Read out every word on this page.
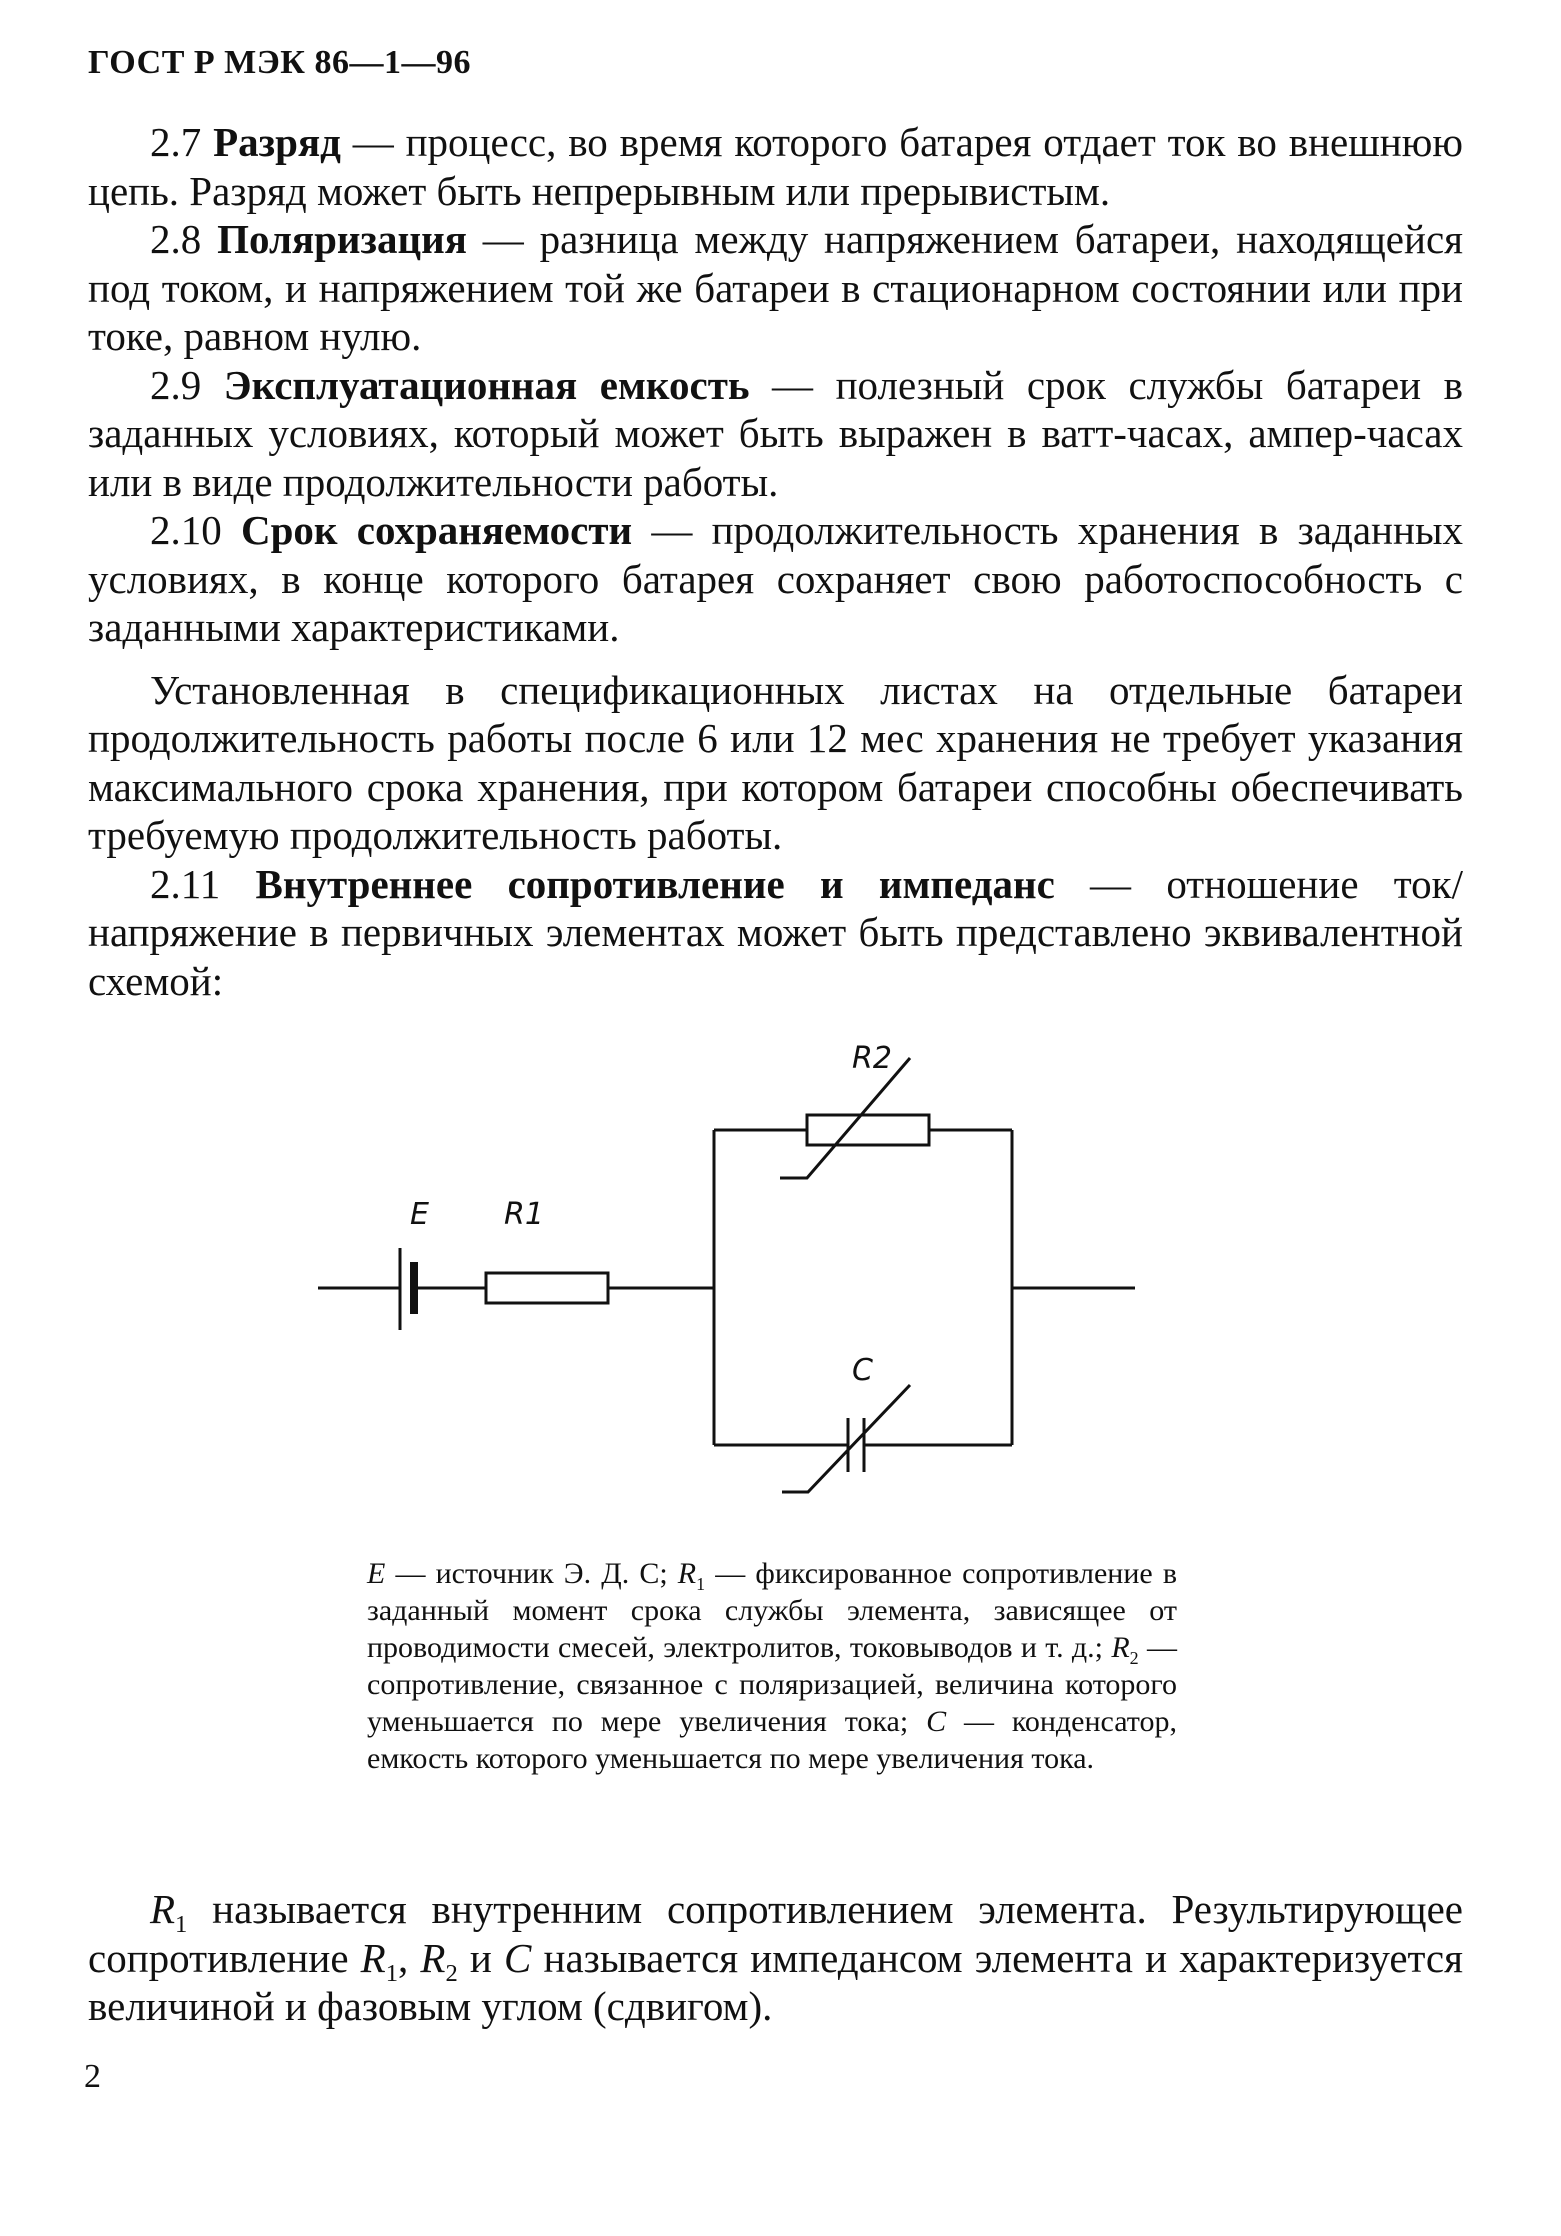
ГОСТ Р МЭК 86—1—96

2.7 Разряд — процесс, во время которого батарея отдает ток во внешнюю цепь. Разряд может быть непрерывным или прерывистым.

2.8 Поляризация — разница между напряжением батареи, находящейся под током, и напряжением той же батареи в стационарном состоянии или при токе, равном нулю.

2.9 Эксплуатационная емкость — полезный срок службы батареи в заданных условиях, который может быть выражен в ватт-часах, ампер-часах или в виде продолжительности работы.

2.10 Срок сохраняемости — продолжительность хранения в заданных условиях, в конце которого батарея сохраняет свою работоспособность с заданными характеристиками.

Установленная в спецификационных листах на отдельные батареи продолжительность работы после 6 или 12 мес хранения не требует указания максимального срока хранения, при котором батареи способны обеспечивать требуемую продолжительность работы.

2.11 Внутреннее сопротивление и импеданс — отношение ток/напряжение в первичных элементах может быть представлено эквивалентной схемой:

E	R1
R2
C

E — источник Э. Д. С; $R_1$ — фиксированное сопротивление в заданный момент срока службы элемента, зависящее от проводимости смесей, электролитов, токовыводов и т. д.; $R_2$ — сопротивление, связанное с поляризацией, величина которого уменьшается по мере увеличения тока; C — конденсатор, емкость которого уменьшается по мере увеличения тока.

$R_1$ называется внутренним сопротивлением элемента. Результирующее сопротивление $R_1$, $R_2$ и C называется импедансом элемента и характеризуется величиной и фазовым углом (сдвигом).

2
